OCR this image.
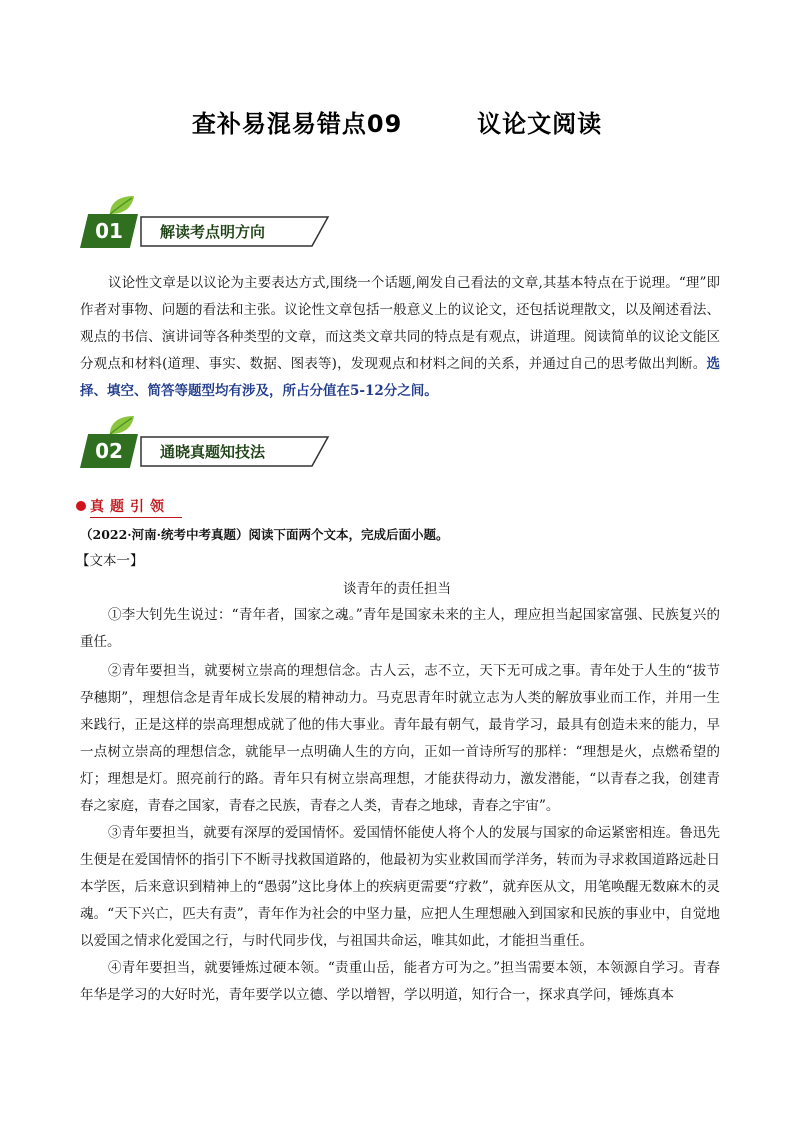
查补易混易错点09        议论文阅读
01	解读考点明方向

议论性文章是以议论为主要表达方式,围绕一个话题,阐发自己看法的文章,其基本特点在于说理。“理”即作者对事物、问题的看法和主张。议论性文章包括一般意义上的议论文，还包括说理散文，以及阐述看法、观点的书信、演讲词等各种类型的文章，而这类文章共同的特点是有观点，讲道理。阅读简单的议论文能区分观点和材料(道理、事实、数据、图表等)，发现观点和材料之间的关系，并通过自己的思考做出判断。选择、填空、简答等题型均有涉及，所占分值在5-12分之间。

02	通晓真题知技法
真题引领
（2022·河南·统考中考真题）阅读下面两个文本，完成后面小题。
【文本一】
谈青年的责任担当

①李大钊先生说过：“青年者，国家之魂。”青年是国家未来的主人，理应担当起国家富强、民族复兴的重任。

②青年要担当，就要树立崇高的理想信念。古人云，志不立，天下无可成之事。青年处于人生的“拔节孕穗期”，理想信念是青年成长发展的精神动力。马克思青年时就立志为人类的解放事业而工作，并用一生来践行，正是这样的崇高理想成就了他的伟大事业。青年最有朝气，最肯学习，最具有创造未来的能力，早一点树立崇高的理想信念，就能早一点明确人生的方向，正如一首诗所写的那样：“理想是火，点燃希望的灯；理想是灯。照亮前行的路。青年只有树立崇高理想，才能获得动力，激发潜能，“以青春之我，创建青春之家庭，青春之国家，青春之民族，青春之人类，青春之地球，青春之宇宙”。

③青年要担当，就要有深厚的爱国情怀。爱国情怀能使人将个人的发展与国家的命运紧密相连。鲁迅先生便是在爱国情怀的指引下不断寻找救国道路的，他最初为实业救国而学洋务，转而为寻求救国道路远赴日本学医，后来意识到精神上的“愚弱”这比身体上的疾病更需要“疗救”，就弃医从文，用笔唤醒无数麻木的灵魂。“天下兴亡，匹夫有责”，青年作为社会的中坚力量，应把人生理想融入到国家和民族的事业中，自觉地以爱国之情求化爱国之行，与时代同步伐，与祖国共命运，唯其如此，才能担当重任。

④青年要担当，就要锤炼过硬本领。“责重山岳，能者方可为之。”担当需要本领，本领源自学习。青春年华是学习的大好时光，青年要学以立德、学以增智，学以明道，知行合一，探求真学问，锤炼真本
